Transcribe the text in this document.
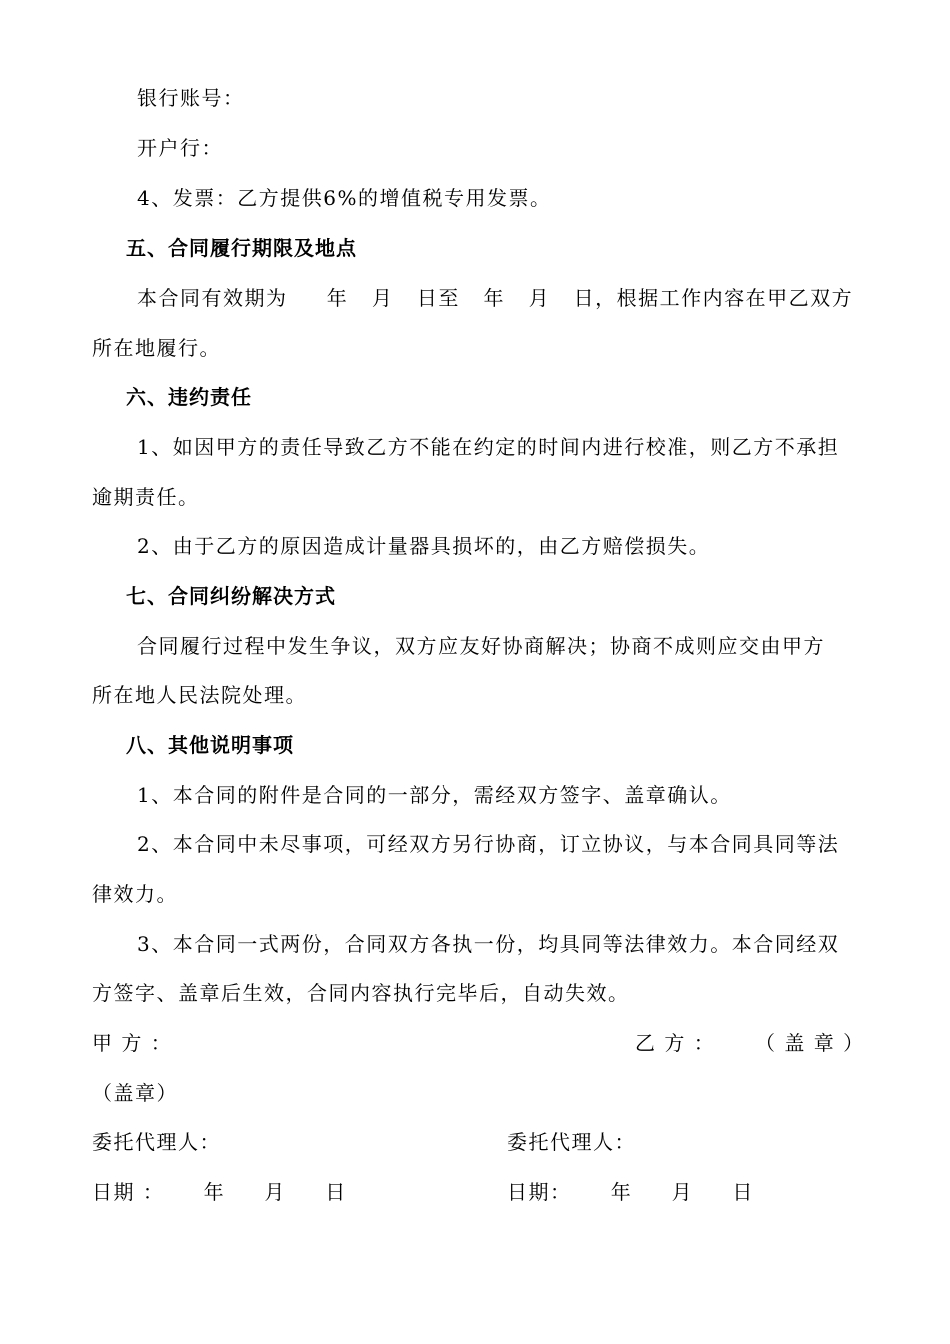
银行账号：
开户行：
4、发票：乙方提供6%的增值税专用发票。
五、合同履行期限及地点
本合同有效期为     年   月   日至   年   月   日，根据工作内容在甲乙双方
所在地履行。
六、违约责任
1、如因甲方的责任导致乙方不能在约定的时间内进行校准，则乙方不承担
逾期责任。
2、由于乙方的原因造成计量器具损坏的，由乙方赔偿损失。
七、合同纠纷解决方式
合同履行过程中发生争议，双方应友好协商解决；协商不成则应交由甲方
所在地人民法院处理。
八、其他说明事项
1、本合同的附件是合同的一部分，需经双方签字、盖章确认。
2、本合同中未尽事项，可经双方另行协商，订立协议，与本合同具同等法
律效力。
3、本合同一式两份，合同双方各执一份，均具同等法律效力。本合同经双
方签字、盖章后生效，合同内容执行完毕后，自动失效。
甲 方 ：	乙 方 ： （ 盖 章 ）
（盖章）
委托代理人：	委托代理人：
日期 ：     年     月     日	日期：     年     月     日
